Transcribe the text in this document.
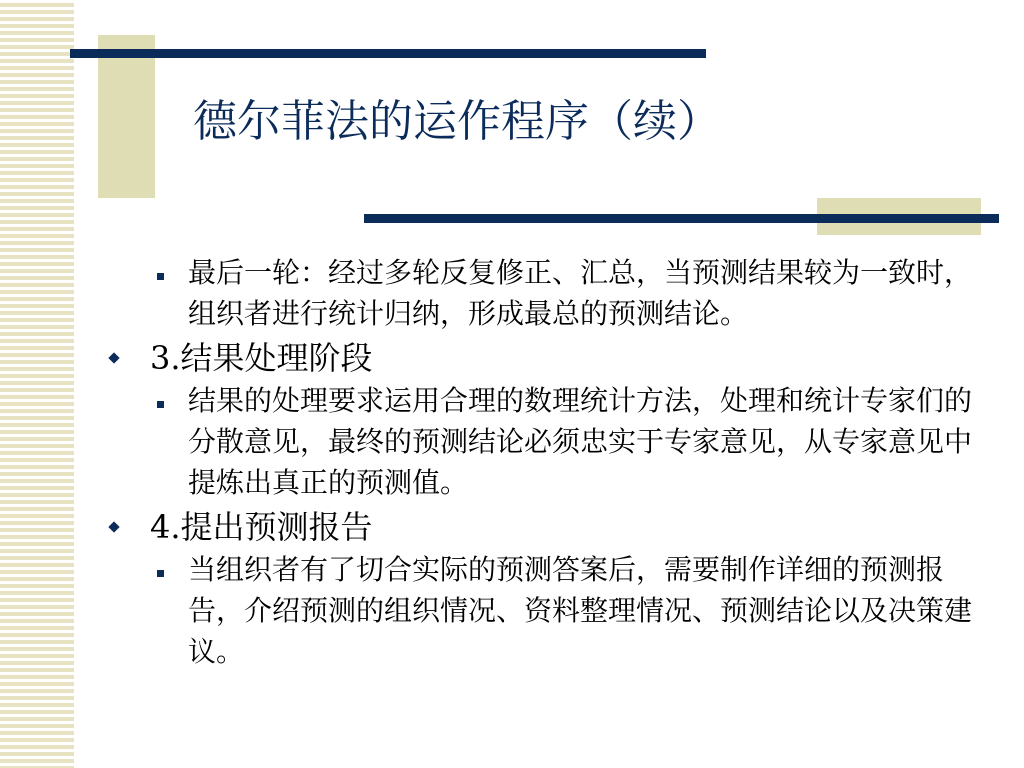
德尔菲法的运作程序（续）
最后一轮：经过多轮反复修正、汇总，当预测结果较为一致时，组织者进行统计归纳，形成最总的预测结论。
3.结果处理阶段
结果的处理要求运用合理的数理统计方法，处理和统计专家们的分散意见，最终的预测结论必须忠实于专家意见，从专家意见中提炼出真正的预测值。
4.提出预测报告
当组织者有了切合实际的预测答案后，需要制作详细的预测报告，介绍预测的组织情况、资料整理情况、预测结论以及决策建议。
